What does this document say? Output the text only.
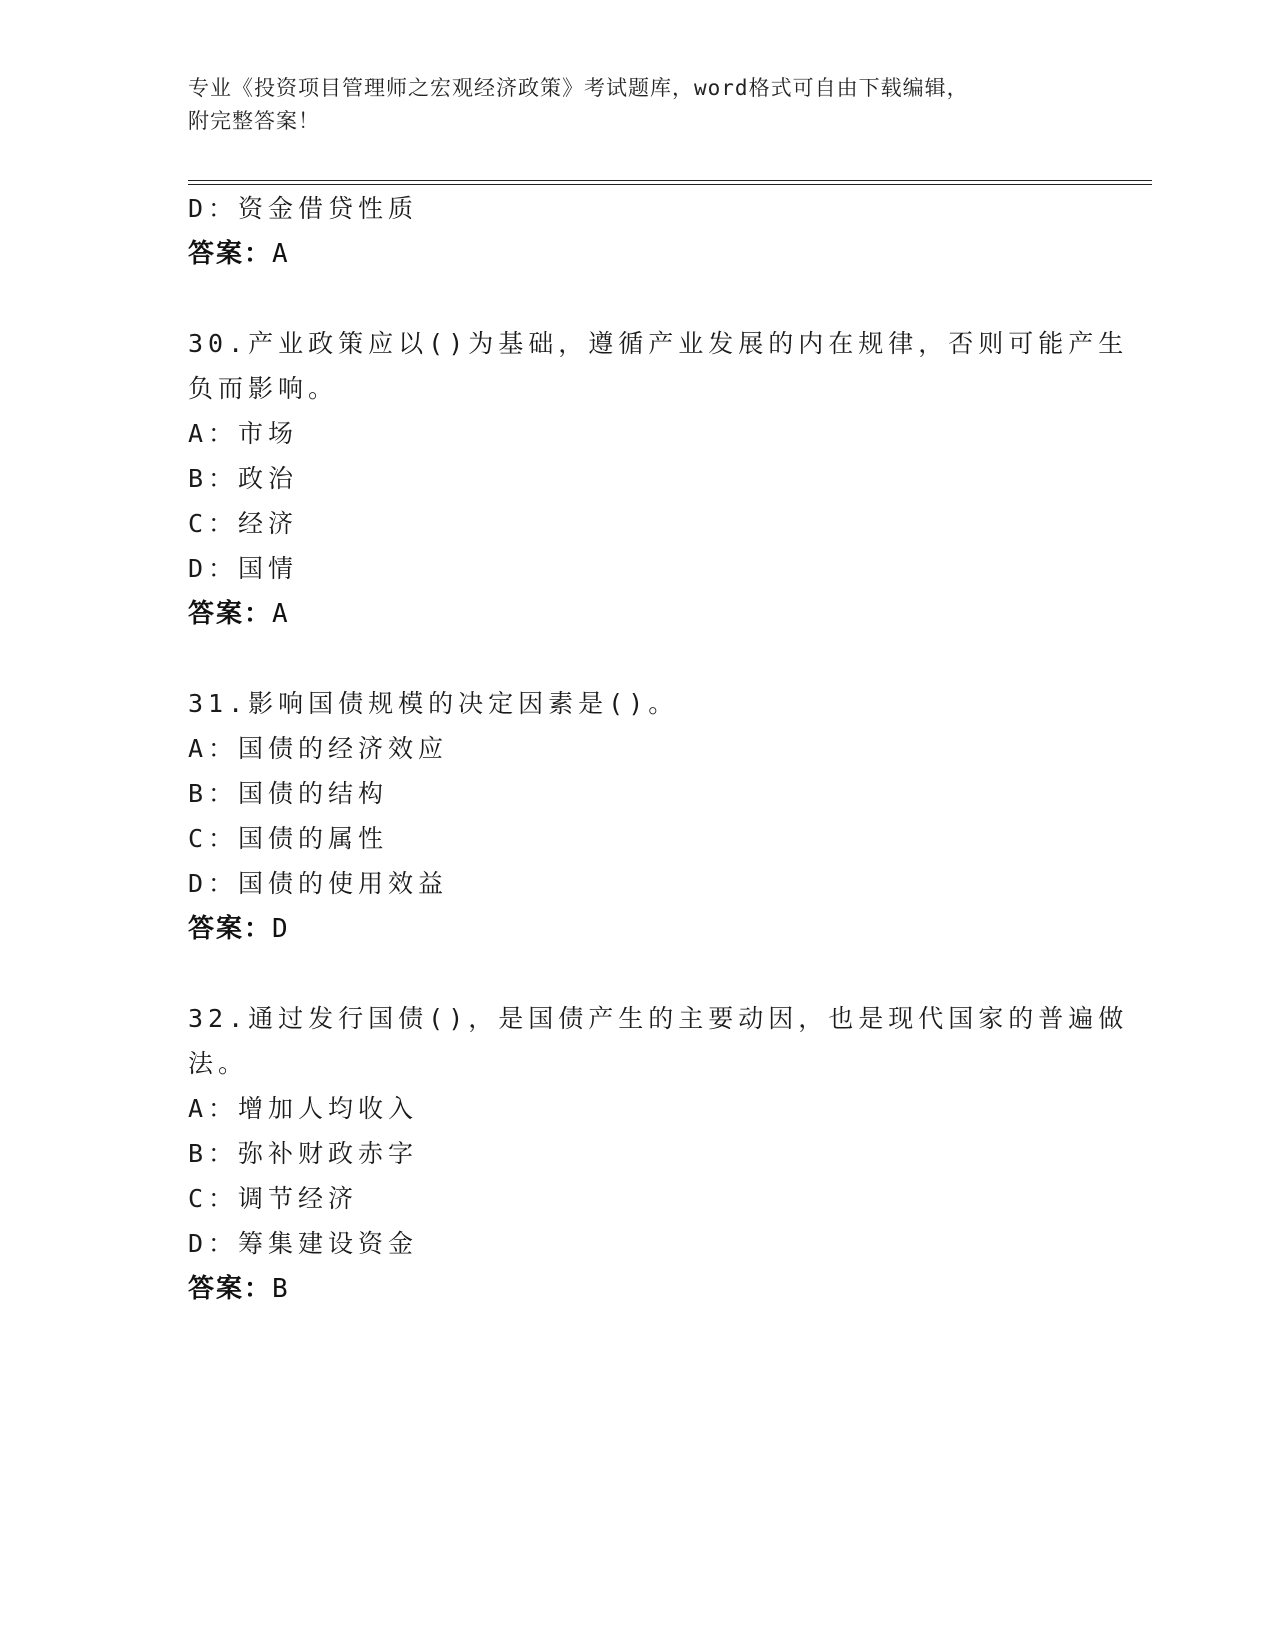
专业《投资项目管理师之宏观经济政策》考试题库，word格式可自由下载编辑，
附完整答案！
D：资金借贷性质
答案：A
30.产业政策应以()为基础，遵循产业发展的内在规律，否则可能产生
负而影响。
A：市场
B：政治
C：经济
D：国情
答案：A
31.影响国债规模的决定因素是()。
A：国债的经济效应
B：国债的结构
C：国债的属性
D：国债的使用效益
答案：D
32.通过发行国债()，是国债产生的主要动因，也是现代国家的普遍做
法。
A：增加人均收入
B：弥补财政赤字
C：调节经济
D：筹集建设资金
答案：B
